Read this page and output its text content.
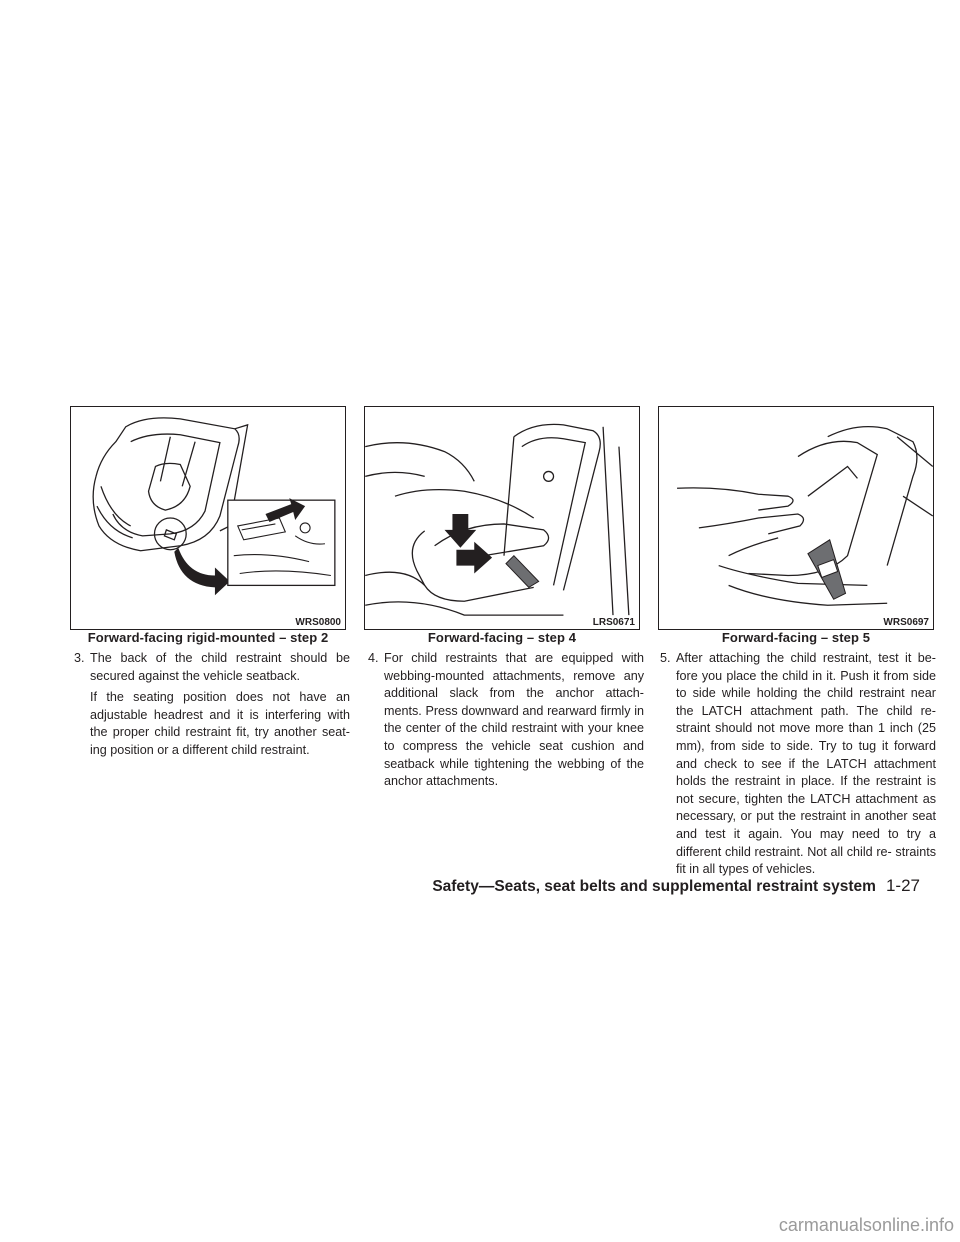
WRS0800
Forward-facing rigid-mounted – step 2
LRS0671
Forward-facing – step 4
WRS0697
Forward-facing – step 5

3. The back of the child restraint should be secured against the vehicle seatback.

If the seating position does not have an adjustable headrest and it is interfering with the proper child restraint fit, try another seat- ing position or a different child restraint.

4. For child restraints that are equipped with webbing-mounted attachments, remove any additional slack from the anchor attach- ments. Press downward and rearward firmly in the center of the child restraint with your knee to compress the vehicle seat cushion and seatback while tightening the webbing of the anchor attachments.

5. After attaching the child restraint, test it be- fore you place the child in it. Push it from side to side while holding the child restraint near the LATCH attachment path. The child re- straint should not move more than 1 inch (25 mm), from side to side. Try to tug it forward and check to see if the LATCH attachment holds the restraint in place. If the restraint is not secure, tighten the LATCH attachment as necessary, or put the restraint in another seat and test it again. You may need to try a different child restraint. Not all child re- straints fit in all types of vehicles.

Safety—Seats, seat belts and supplemental restraint system 1-27
carmanualsonline.info
